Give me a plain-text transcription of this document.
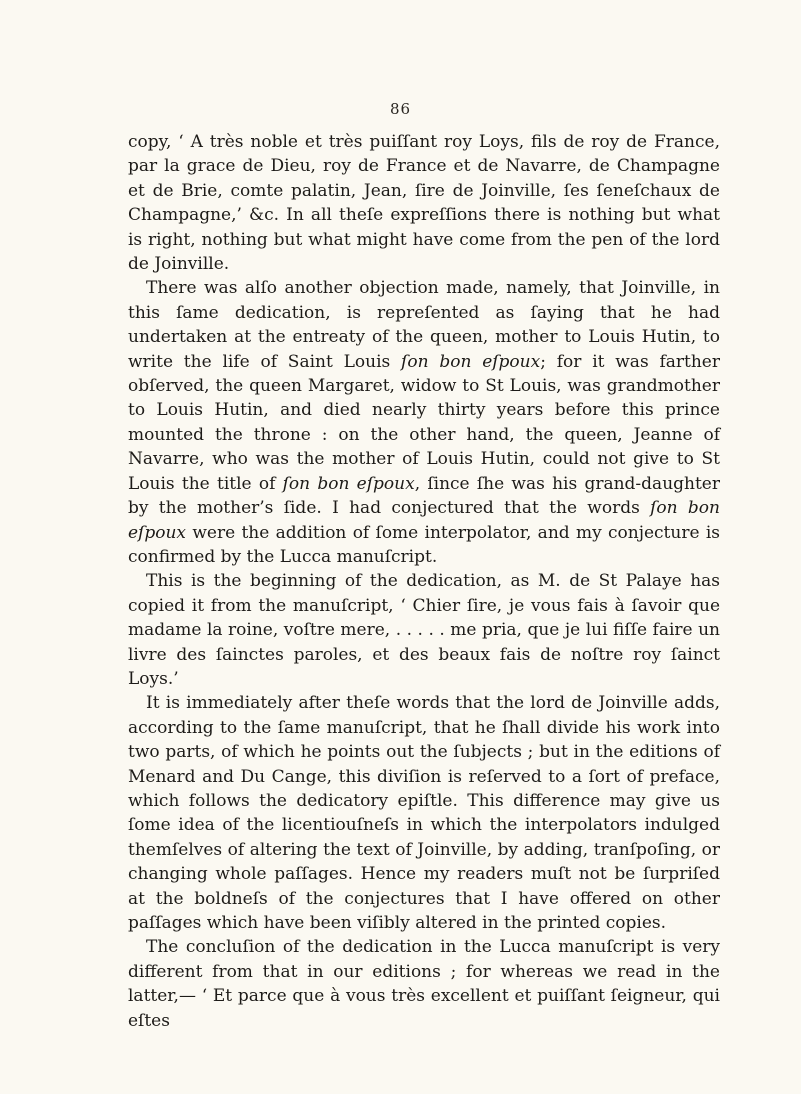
86

copy, ‘ A très noble et très puiſſant roy Loys, fils de roy de France, par la grace de Dieu, roy de France et de Navarre, de Champagne et de Brie, comte palatin, Jean, ſire de Joinville, ſes ſeneſchaux de Champagne,’ &c. In all theſe expreſſions there is nothing but what is right, nothing but what might have come from the pen of the lord de Joinville.

There was alſo another objection made, namely, that Joinville, in this ſame dedication, is repreſented as ſaying that he had undertaken at the entreaty of the queen, mother to Louis Hutin, to write the life of Saint Louis ſon bon eſpoux; for it was farther obſerved, the queen Margaret, widow to St Louis, was grandmother to Louis Hutin, and died nearly thirty years before this prince mounted the throne : on the other hand, the queen, Jeanne of Navarre, who was the mother of Louis Hutin, could not give to St Louis the title of ſon bon eſpoux, ſince ſhe was his grand-daughter by the mother’s ſide. I had conjectured that the words ſon bon eſpoux were the addition of ſome interpolator, and my conjecture is confirmed by the Lucca manuſcript.

This is the beginning of the dedication, as M. de St Palaye has copied it from the manuſcript, ‘ Chier ſire, je vous fais à ſavoir que madame la roine, voſtre mere, . . . . . me pria, que je lui fiſſe faire un livre des ſainctes paroles, et des beaux fais de noſtre roy ſainct Loys.’

It is immediately after theſe words that the lord de Joinville adds, according to the ſame manuſcript, that he ſhall divide his work into two parts, of which he points out the ſubjects ; but in the editions of Menard and Du Cange, this diviſion is reſerved to a ſort of preface, which follows the dedicatory epiſtle. This difference may give us ſome idea of the licentiouſneſs in which the interpolators indulged themſelves of altering the text of Joinville, by adding, tranſpoſing, or changing whole paſſages. Hence my readers muſt not be ſurpriſed at the boldneſs of the conjectures that I have offered on other paſſages which have been viſibly altered in the printed copies.

The concluſion of the dedication in the Lucca manuſcript is very different from that in our editions ; for whereas we read in the latter,— ‘ Et parce que à vous très excellent et puiſſant ſeigneur, qui eſtes
